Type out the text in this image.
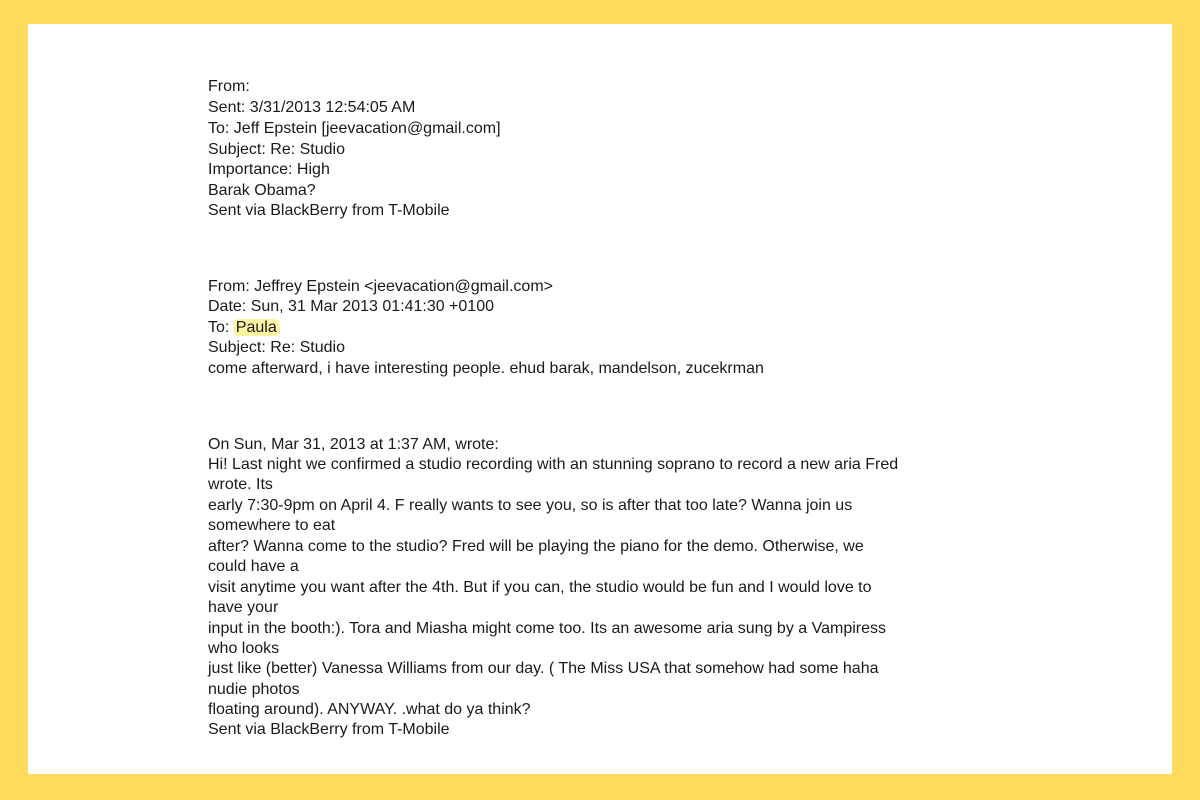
From:

Sent: 3/31/2013 12:54:05 AM

To: Jeff Epstein [jeevacation@gmail.com]

Subject: Re: Studio

Importance: High

Barak Obama?

Sent via BlackBerry from T-Mobile

From: Jeffrey Epstein <jeevacation@gmail.com>

Date: Sun, 31 Mar 2013 01:41:30 +0100

To: Paula

Subject: Re: Studio

come afterward, i have interesting people. ehud barak, mandelson, zucekrman

On Sun, Mar 31, 2013 at 1:37 AM, wrote:

Hi! Last night we confirmed a studio recording with an stunning soprano to record a new aria Fred

wrote. Its

early 7:30-9pm on April 4. F really wants to see you, so is after that too late? Wanna join us

somewhere to eat

after? Wanna come to the studio? Fred will be playing the piano for the demo. Otherwise, we

could have a

visit anytime you want after the 4th. But if you can, the studio would be fun and I would love to

have your

input in the booth:). Tora and Miasha might come too. Its an awesome aria sung by a Vampiress

who looks

just like (better) Vanessa Williams from our day. ( The Miss USA that somehow had some haha

nudie photos

floating around). ANYWAY. .what do ya think?

Sent via BlackBerry from T-Mobile
